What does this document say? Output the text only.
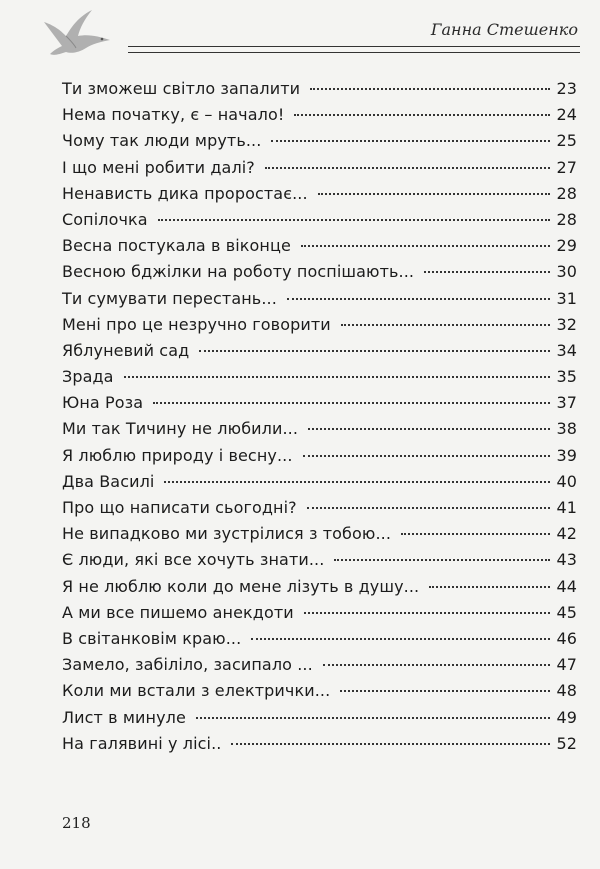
Ганна Стешенко
Ти зможеш світло запалити	23
Нема початку, є – начало!	24
Чому так люди мруть...	25
І що мені робити далі?	27
Ненависть дика проростає...	28
Сопілочка	28
Весна постукала в віконце	29
Весною бджілки на роботу поспішають...	30
Ти сумувати перестань...	31
Мені про це незручно говорити	32
Яблуневий сад	34
Зрада	35
Юна Роза	37
Ми так Тичину не любили...	38
Я люблю природу і весну...	39
Два Василі	40
Про що написати сьогодні?	41
Не випадково ми зустрілися з тобою...	42
Є люди, які все хочуть знати...	43
Я не люблю коли до мене лізуть в душу...	44
А ми все пишемо анекдоти	45
В світанковім краю...	46
Замело, забіліло, засипало ...	47
Коли ми встали з електрички...	48
Лист в минуле	49
На галявині у лісі..	52
218
